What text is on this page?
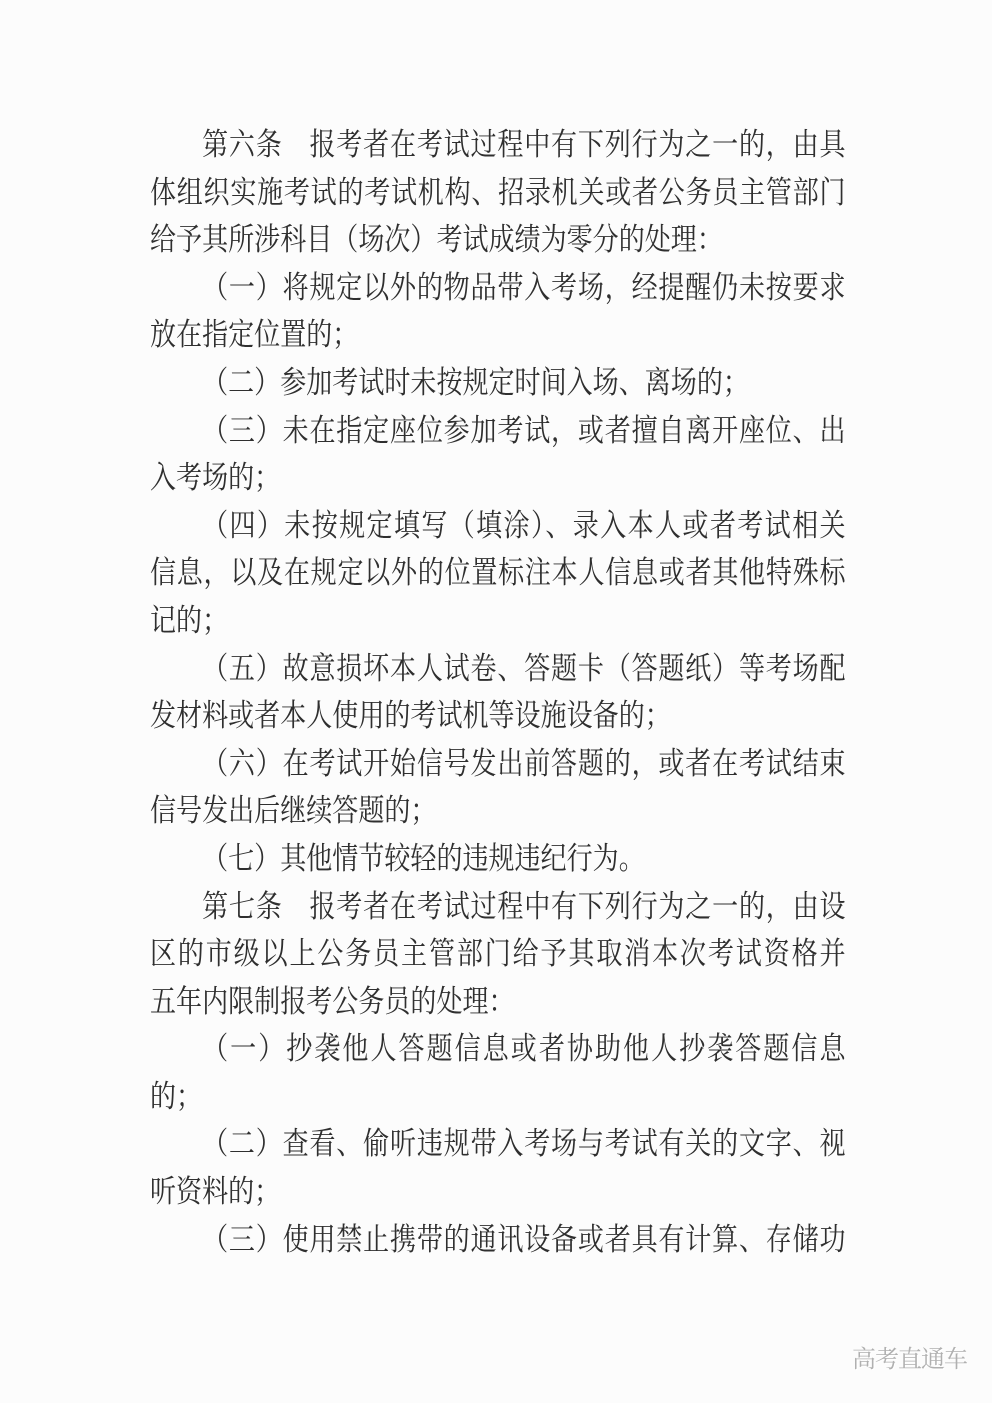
第六条　报考者在考试过程中有下列行为之一的，由具
体组织实施考试的考试机构、招录机关或者公务员主管部门
给予其所涉科目（场次）考试成绩为零分的处理：
（一）将规定以外的物品带入考场，经提醒仍未按要求
放在指定位置的；
（二）参加考试时未按规定时间入场、离场的；
（三）未在指定座位参加考试，或者擅自离开座位、出
入考场的；
（四）未按规定填写（填涂）、录入本人或者考试相关
信息，以及在规定以外的位置标注本人信息或者其他特殊标
记的；
（五）故意损坏本人试卷、答题卡（答题纸）等考场配
发材料或者本人使用的考试机等设施设备的；
（六）在考试开始信号发出前答题的，或者在考试结束
信号发出后继续答题的；
（七）其他情节较轻的违规违纪行为。
第七条　报考者在考试过程中有下列行为之一的，由设
区的市级以上公务员主管部门给予其取消本次考试资格并
五年内限制报考公务员的处理：
（一）抄袭他人答题信息或者协助他人抄袭答题信息
的；
（二）查看、偷听违规带入考场与考试有关的文字、视
听资料的；
（三）使用禁止携带的通讯设备或者具有计算、存储功
高考直通车
